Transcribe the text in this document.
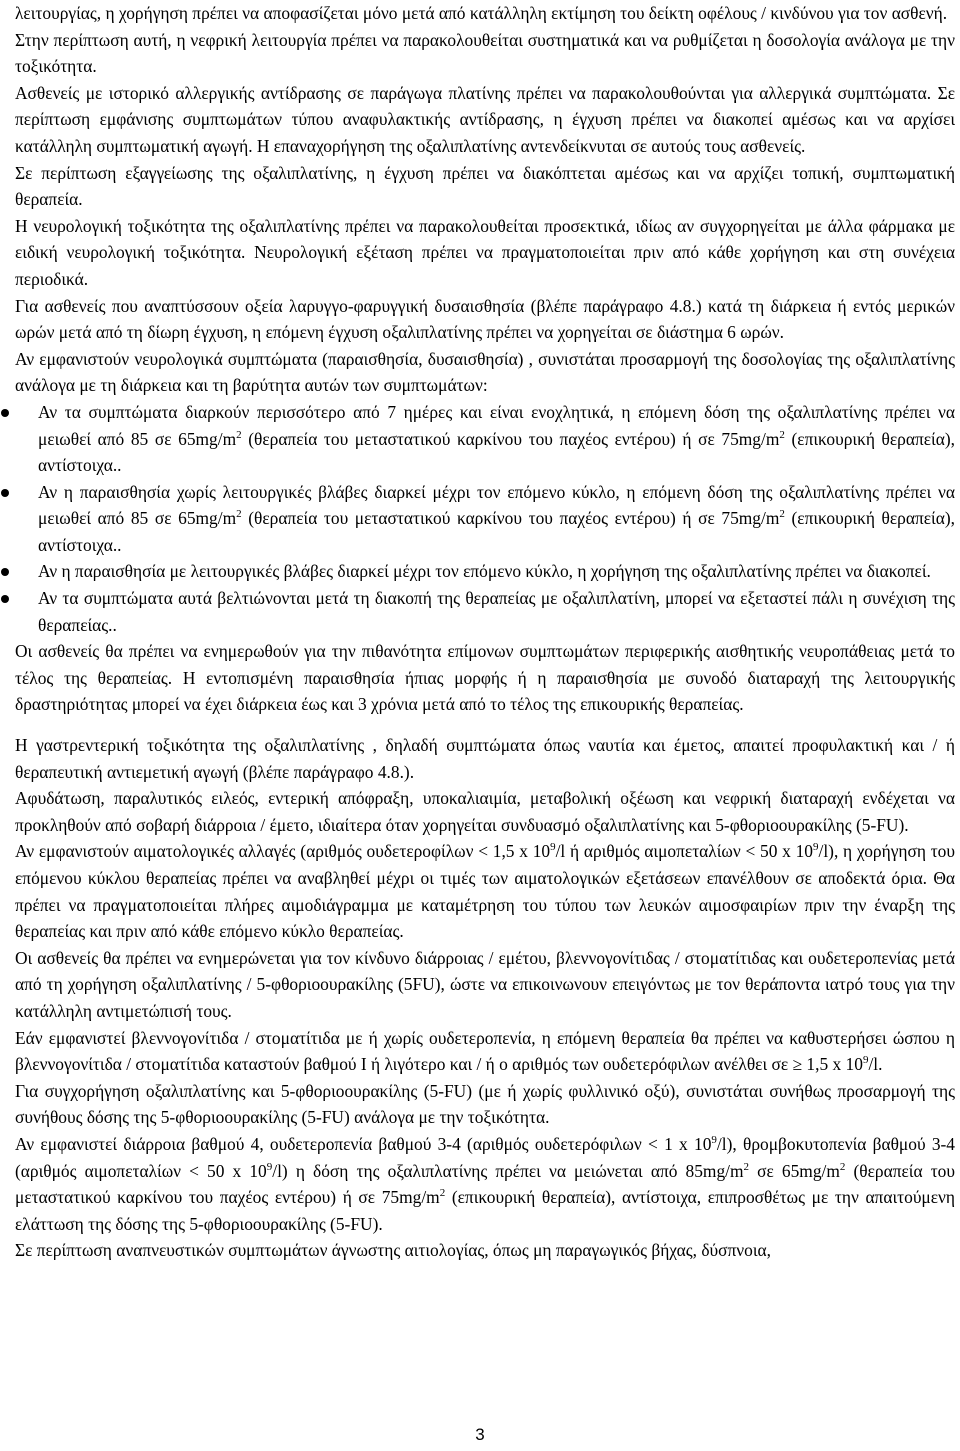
λειτουργίας, η χορήγηση πρέπει να αποφασίζεται μόνο μετά από κατάλληλη εκτίμηση του δείκτη οφέλους / κινδύνου για τον ασθενή.

Στην περίπτωση αυτή, η νεφρική λειτουργία πρέπει να παρακολουθείται συστηματικά και να ρυθμίζεται η δοσολογία ανάλογα με την τοξικότητα.

Ασθενείς με ιστορικό αλλεργικής αντίδρασης σε παράγωγα πλατίνης πρέπει να παρακολουθούνται για αλλεργικά συμπτώματα. Σε περίπτωση εμφάνισης συμπτωμάτων τύπου αναφυλακτικής αντίδρασης, η έγχυση πρέπει να διακοπεί αμέσως και να αρχίσει κατάλληλη συμπτωματική αγωγή. Η επαναχορήγηση της οξαλιπλατίνης αντενδείκνυται σε αυτούς τους ασθενείς.

Σε περίπτωση εξαγγείωσης της οξαλιπλατίνης, η έγχυση πρέπει να διακόπτεται αμέσως και να αρχίζει τοπική, συμπτωματική θεραπεία.

Η νευρολογική τοξικότητα της οξαλιπλατίνης πρέπει να παρακολουθείται προσεκτικά, ιδίως αν συγχορηγείται με άλλα φάρμακα με ειδική νευρολογική τοξικότητα. Νευρολογική εξέταση πρέπει να πραγματοποιείται πριν από κάθε χορήγηση και στη συνέχεια περιοδικά.

Για ασθενείς που αναπτύσσουν οξεία λαρυγγο-φαρυγγική δυσαισθησία (βλέπε παράγραφο 4.8.) κατά τη διάρκεια ή εντός μερικών ωρών μετά από τη δίωρη έγχυση, η επόμενη έγχυση οξαλιπλατίνης πρέπει να χορηγείται σε διάστημα 6 ωρών.

Αν εμφανιστούν νευρολογικά συμπτώματα (παραισθησία, δυσαισθησία) , συνιστάται προσαρμογή της δοσολογίας της οξαλιπλατίνης ανάλογα με τη διάρκεια και τη βαρύτητα αυτών των συμπτωμάτων:

Αν τα συμπτώματα διαρκούν περισσότερο από 7 ημέρες και είναι ενοχλητικά, η επόμενη δόση της οξαλιπλατίνης πρέπει να μειωθεί από 85 σε $65mg/m^2$ (θεραπεία του μεταστατικού καρκίνου του παχέος εντέρου) ή σε $75mg/m^2$ (επικουρική θεραπεία), αντίστοιχα..
Αν η παραισθησία χωρίς λειτουργικές βλάβες διαρκεί μέχρι τον επόμενο κύκλο, η επόμενη δόση της οξαλιπλατίνης πρέπει να μειωθεί από 85 σε $65mg/m^2$ (θεραπεία του μεταστατικού καρκίνου του παχέος εντέρου) ή σε $75mg/m^2$ (επικουρική θεραπεία), αντίστοιχα..
Αν η παραισθησία με λειτουργικές βλάβες διαρκεί μέχρι τον επόμενο κύκλο, η χορήγηση της οξαλιπλατίνης πρέπει να διακοπεί.
Αν τα συμπτώματα αυτά βελτιώνονται μετά τη διακοπή της θεραπείας με οξαλιπλατίνη, μπορεί να εξεταστεί πάλι η συνέχιση της θεραπείας..

Οι ασθενείς θα πρέπει να ενημερωθούν για την πιθανότητα επίμονων συμπτωμάτων περιφερικής αισθητικής νευροπάθειας μετά το τέλος της θεραπείας. Η εντοπισμένη παραισθησία ήπιας μορφής ή η παραισθησία με συνοδό διαταραχή της λειτουργικής δραστηριότητας μπορεί να έχει διάρκεια έως και 3 χρόνια μετά από το τέλος της επικουρικής θεραπείας.

Η γαστρεντερική τοξικότητα της οξαλιπλατίνης , δηλαδή συμπτώματα όπως ναυτία και έμετος, απαιτεί προφυλακτική και / ή θεραπευτική αντιεμετική αγωγή (βλέπε παράγραφο 4.8.).

Αφυδάτωση, παραλυτικός ειλεός, εντερική απόφραξη, υποκαλιαιμία, μεταβολική οξέωση και νεφρική διαταραχή ενδέχεται να προκληθούν από σοβαρή διάρροια / έμετο, ιδιαίτερα όταν χορηγείται συνδυασμό οξαλιπλατίνης και 5-φθοριοουρακίλης (5-FU).

Αν εμφανιστούν αιματολογικές αλλαγές (αριθμός ουδετεροφίλων < 1,5 x $10^9/l$ ή αριθμός αιμοπεταλίων < 50 x $10^9/l$), η χορήγηση του επόμενου κύκλου θεραπείας πρέπει να αναβληθεί μέχρι οι τιμές των αιματολογικών εξετάσεων επανέλθουν σε αποδεκτά όρια. Θα πρέπει να πραγματοποιείται πλήρες αιμοδιάγραμμα με καταμέτρηση του τύπου των λευκών αιμοσφαιρίων πριν την έναρξη της θεραπείας και πριν από κάθε επόμενο κύκλο θεραπείας.

Οι ασθενείς θα πρέπει να ενημερώνεται για τον κίνδυνο διάρροιας / εμέτου, βλεννογονίτιδας / στοματίτιδας και ουδετεροπενίας μετά από τη χορήγηση οξαλιπλατίνης / 5-φθοριοουρακίλης (5FU), ώστε να επικοινωνουν επειγόντως με τον θεράποντα ιατρό τους για την κατάλληλη αντιμετώπισή τους.

Εάν εμφανιστεί βλεννογονίτιδα / στοματίτιδα με ή χωρίς ουδετεροπενία, η επόμενη θεραπεία θα πρέπει να καθυστερήσει ώσπου η βλεννογονίτιδα / στοματίτιδα καταστούν βαθμού Ι ή λιγότερο και / ή ο αριθμός των ουδετερόφιλων ανέλθει σε ≥ 1,5 x $10^9/l$.

Για συγχορήγηση οξαλιπλατίνης και 5-φθοριοουρακίλης (5-FU) (με ή χωρίς φυλλινικό οξύ), συνιστάται συνήθως προσαρμογή της συνήθους δόσης της 5-φθοριοουρακίλης (5-FU) ανάλογα με την τοξικότητα.

Αν εμφανιστεί διάρροια βαθμού 4, ουδετεροπενία βαθμού 3-4 (αριθμός ουδετερόφιλων < 1 x $10^9/l$), θρομβοκυτοπενία βαθμού 3-4 (αριθμός αιμοπεταλίων < 50 x $10^9/l$) η δόση της οξαλιπλατίνης πρέπει να μειώνεται από $85mg/m^2$ σε $65mg/m^2$ (θεραπεία του μεταστατικού καρκίνου του παχέος εντέρου) ή σε $75mg/m^2$ (επικουρική θεραπεία), αντίστοιχα, επιπροσθέτως με την απαιτούμενη ελάττωση της δόσης της 5-φθοριοουρακίλης (5-FU).

Σε περίπτωση αναπνευστικών συμπτωμάτων άγνωστης αιτιολογίας, όπως μη παραγωγικός βήχας, δύσπνοια,

3
